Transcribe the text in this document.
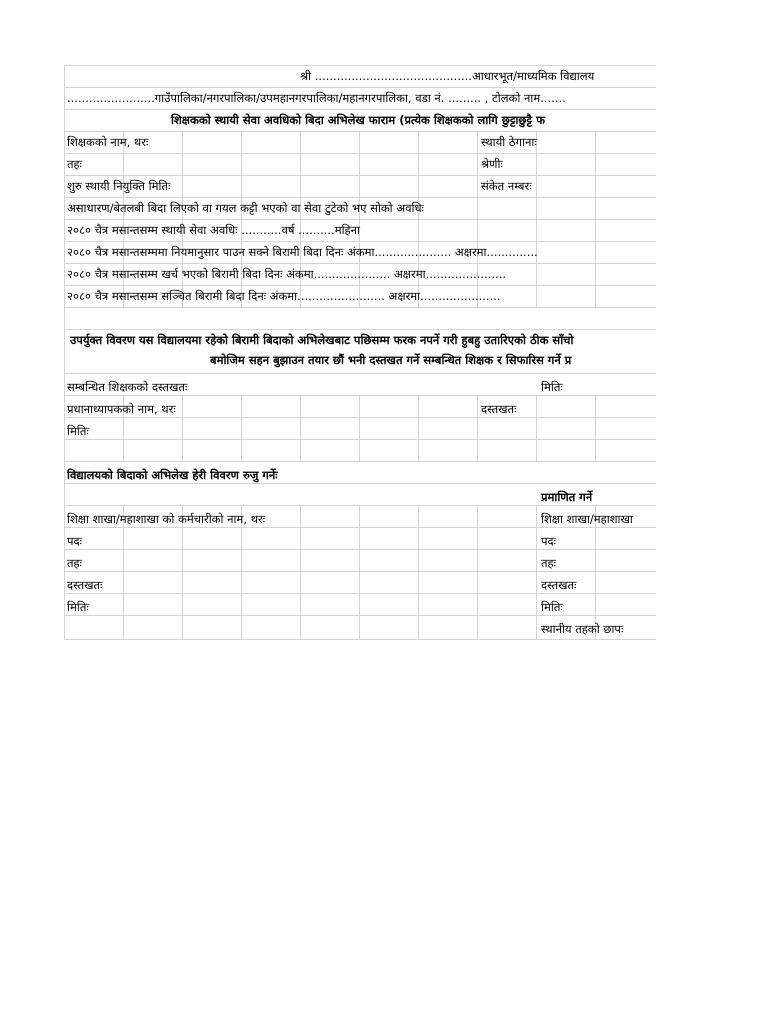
श्री ...........................................आधारभूत/माध्यमिक विद्यालय
........................गाउँपालिका/नगरपालिका/उपमहानगरपालिका/महानगरपालिका, वडा नं. ......... , टोलको नाम.......
शिक्षकको स्थायी सेवा अवधिको बिदा अभिलेख फाराम (प्रत्येक शिक्षकको लागि छुट्टाछुट्टै फ
शिक्षकको नाम, थरः	स्थायी ठेगानाः
तहः	श्रेणीः
शुरु स्थायी नियुक्ति मितिः	संकेत नम्बरः
असाधारण/बेतलबी बिदा लिएको वा गयल कट्टी भएको वा सेवा टुटेको भए सोको अवधिः
२०८० चैत्र मसान्तसम्म स्थायी सेवा अवधिः ...........वर्ष ..........महिना
२०८० चैत्र मसान्तसम्ममा नियमानुसार पाउन सक्ने बिरामी बिदा दिनः अंकमा..................... अक्षरमा..............
२०८० चैत्र मसान्तसम्म खर्च भएको बिरामी बिदा दिनः अंकमा..................... अक्षरमा......................
२०८० चैत्र मसान्तसम्म सञ्चित बिरामी बिदा दिनः अंकमा........................ अक्षरमा......................
उपर्युक्त विवरण यस विद्यालयमा रहेको बिरामी बिदाको अभिलेखबाट पछिसम्म फरक नपर्ने गरी हुबहु उतारिएको ठीक साँचो
बमोजिम सहन बुझाउन तयार छौं भनी दस्तखत गर्ने सम्बन्धित शिक्षक र सिफारिस गर्ने प्र
सम्बन्धित शिक्षकको दस्तखतः	मितिः
प्रधानाध्यापकको नाम, थरः	दस्तखतः
मितिः
विद्यालयको बिदाको अभिलेख हेरी विवरण रुजु गर्नेः
प्रमाणित गर्ने
शिक्षा शाखा/महाशाखा को कर्मचारीको नाम, थरः	शिक्षा शाखा/महाशाखा
पदः	पदः
तहः	तहः
दस्तखतः	दस्तखतः
मितिः	मितिः
स्थानीय तहको छापः
